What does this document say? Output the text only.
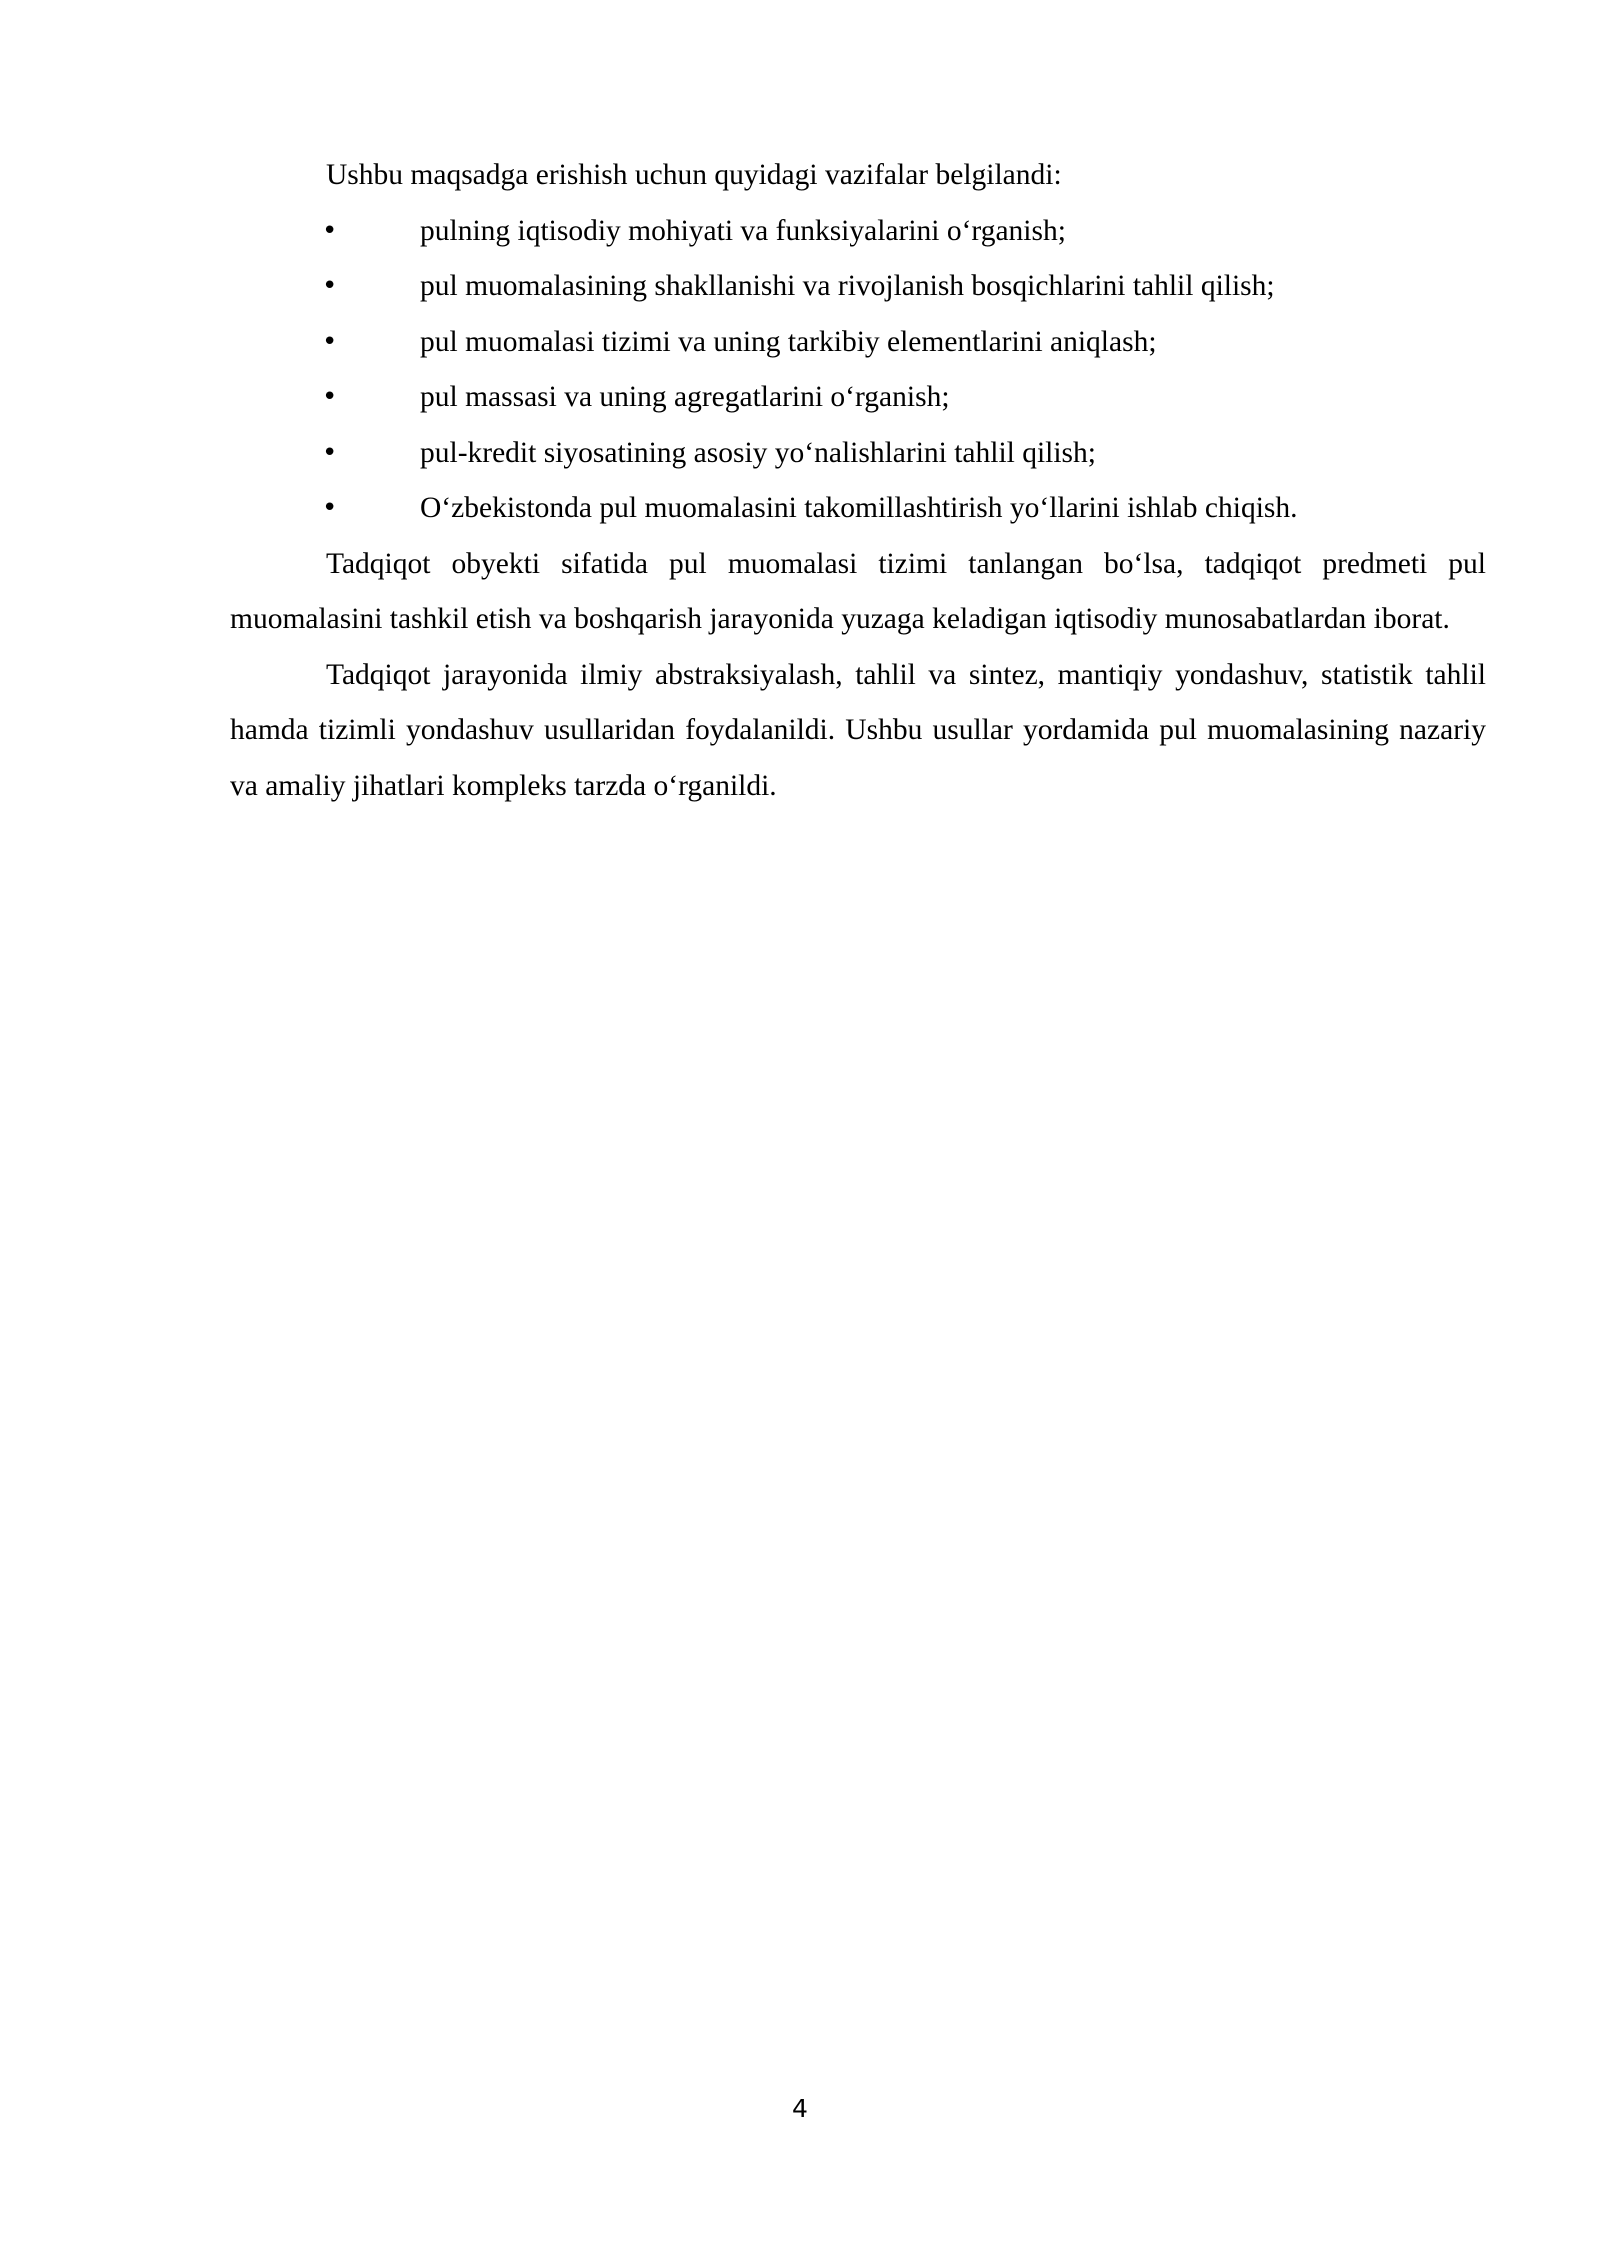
Ushbu maqsadga erishish uchun quyidagi vazifalar belgilandi:

•	pulning iqtisodiy mohiyati va funksiyalarini o‘rganish;
•	pul muomalasining shakllanishi va rivojlanish bosqichlarini tahlil qilish;
•	pul muomalasi tizimi va uning tarkibiy elementlarini aniqlash;
•	pul massasi va uning agregatlarini o‘rganish;
•	pul-kredit siyosatining asosiy yo‘nalishlarini tahlil qilish;
•	O‘zbekistonda pul muomalasini takomillashtirish yo‘llarini ishlab chiqish.

Tadqiqot obyekti sifatida pul muomalasi tizimi tanlangan bo‘lsa, tadqiqot predmeti pul muomalasini tashkil etish va boshqarish jarayonida yuzaga keladigan iqtisodiy munosabatlardan iborat.

Tadqiqot jarayonida ilmiy abstraksiyalash, tahlil va sintez, mantiqiy yondashuv, statistik tahlil hamda tizimli yondashuv usullaridan foydalanildi. Ushbu usullar yordamida pul muomalasining nazariy va amaliy jihatlari kompleks tarzda o‘rganildi.

4
